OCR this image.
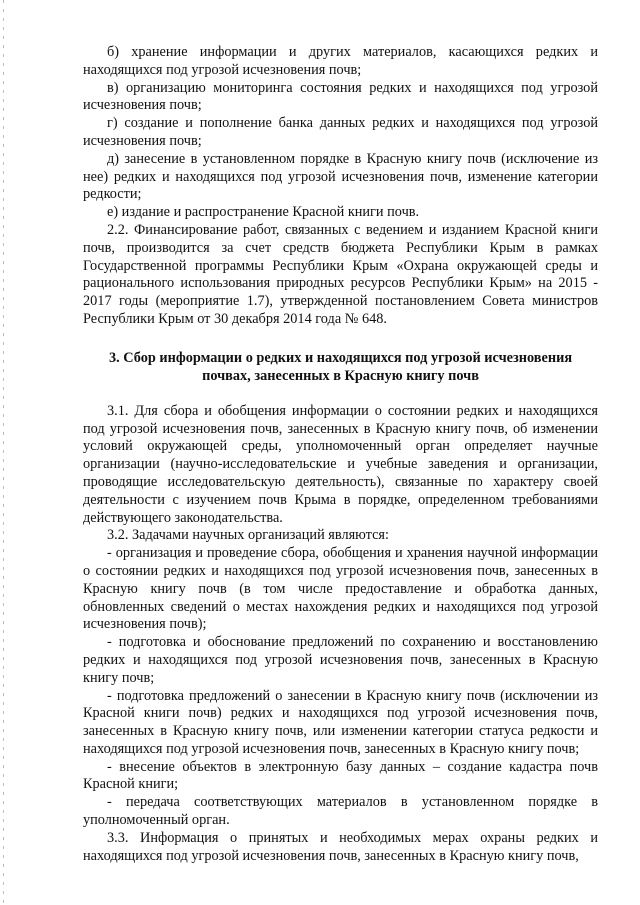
б) хранение информации и других материалов, касающихся редких и находящихся под угрозой исчезновения почв;

в) организацию мониторинга состояния редких и находящихся под угрозой исчезновения почв;

г) создание и пополнение банка данных редких и находящихся под угрозой исчезновения почв;

д) занесение в установленном порядке в Красную книгу почв (исключение из нее) редких и находящихся под угрозой исчезновения почв, изменение категории редкости;

е) издание и распространение Красной книги почв.

2.2. Финансирование работ, связанных с ведением и изданием Красной книги почв, производится за счет средств бюджета Республики Крым в рамках Государственной программы Республики Крым «Охрана окружающей среды и рационального использования природных ресурсов Республики Крым» на 2015 - 2017 годы (мероприятие 1.7), утвержденной постановлением Совета министров Республики Крым от 30 декабря 2014 года № 648.

3. Сбор информации о редких и находящихся под угрозой исчезновения почвах, занесенных в Красную книгу почв

3.1. Для сбора и обобщения информации о состоянии редких и находящихся под угрозой исчезновения почв, занесенных в Красную книгу почв, об изменении условий окружающей среды, уполномоченный орган определяет научные организации (научно-исследовательские и учебные заведения и организации, проводящие исследовательскую деятельность), связанные по характеру своей деятельности с изучением почв Крыма в порядке, определенном требованиями действующего законодательства.

3.2. Задачами научных организаций являются:

- организация и проведение сбора, обобщения и хранения научной информации о состоянии редких и находящихся под угрозой исчезновения почв, занесенных в Красную книгу почв (в том числе предоставление и обработка данных, обновленных сведений о местах нахождения редких и находящихся под угрозой исчезновения почв);

- подготовка и обоснование предложений по сохранению и восстановлению редких и находящихся под угрозой исчезновения почв, занесенных в Красную книгу почв;

- подготовка предложений о занесении в Красную книгу почв (исключении из Красной книги почв) редких и находящихся под угрозой исчезновения почв, занесенных в Красную книгу почв, или изменении категории статуса редкости и находящихся под угрозой исчезновения почв, занесенных в Красную книгу почв;

- внесение объектов в электронную базу данных – создание кадастра почв Красной книги;

- передача соответствующих материалов в установленном порядке в уполномоченный орган.

3.3. Информация о принятых и необходимых мерах охраны редких и находящихся под угрозой исчезновения почв, занесенных в Красную книгу почв,
